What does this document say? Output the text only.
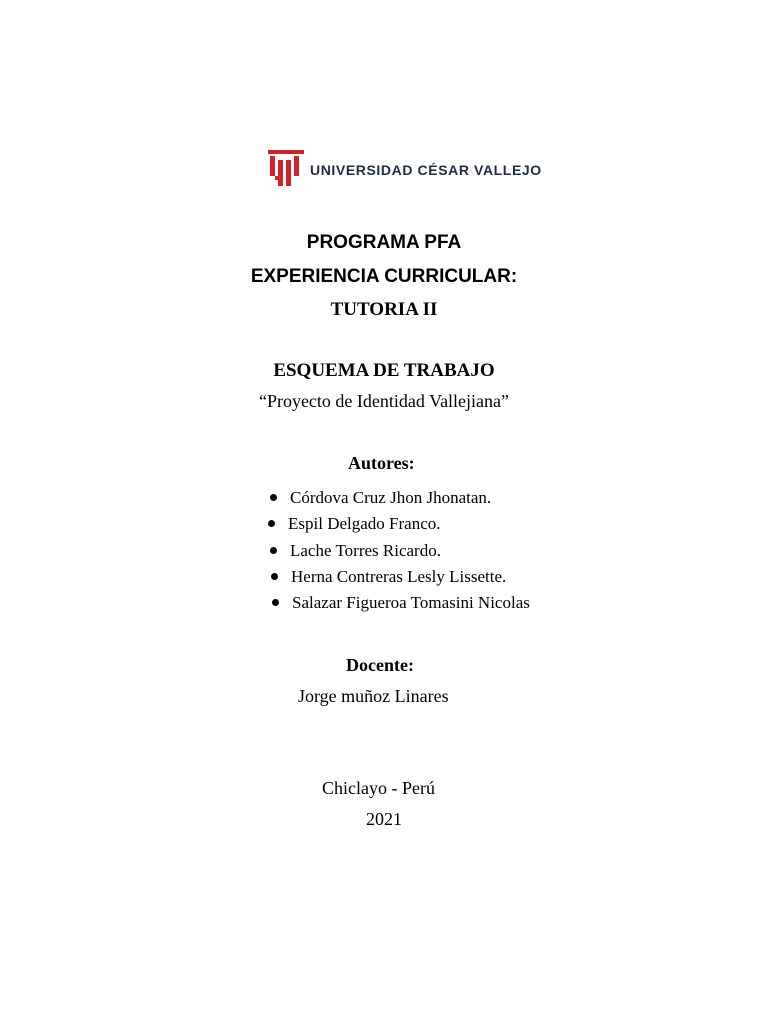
UNIVERSIDAD CÉSAR VALLEJO
PROGRAMA PFA
EXPERIENCIA CURRICULAR:
TUTORIA II
ESQUEMA DE TRABAJO
“Proyecto de Identidad Vallejiana”
Autores:
Córdova Cruz Jhon Jhonatan.
Espil Delgado Franco.
Lache Torres Ricardo.
Herna Contreras Lesly Lissette.
Salazar Figueroa Tomasini Nicolas
Docente:
Jorge muñoz Linares
Chiclayo - Perú
2021
